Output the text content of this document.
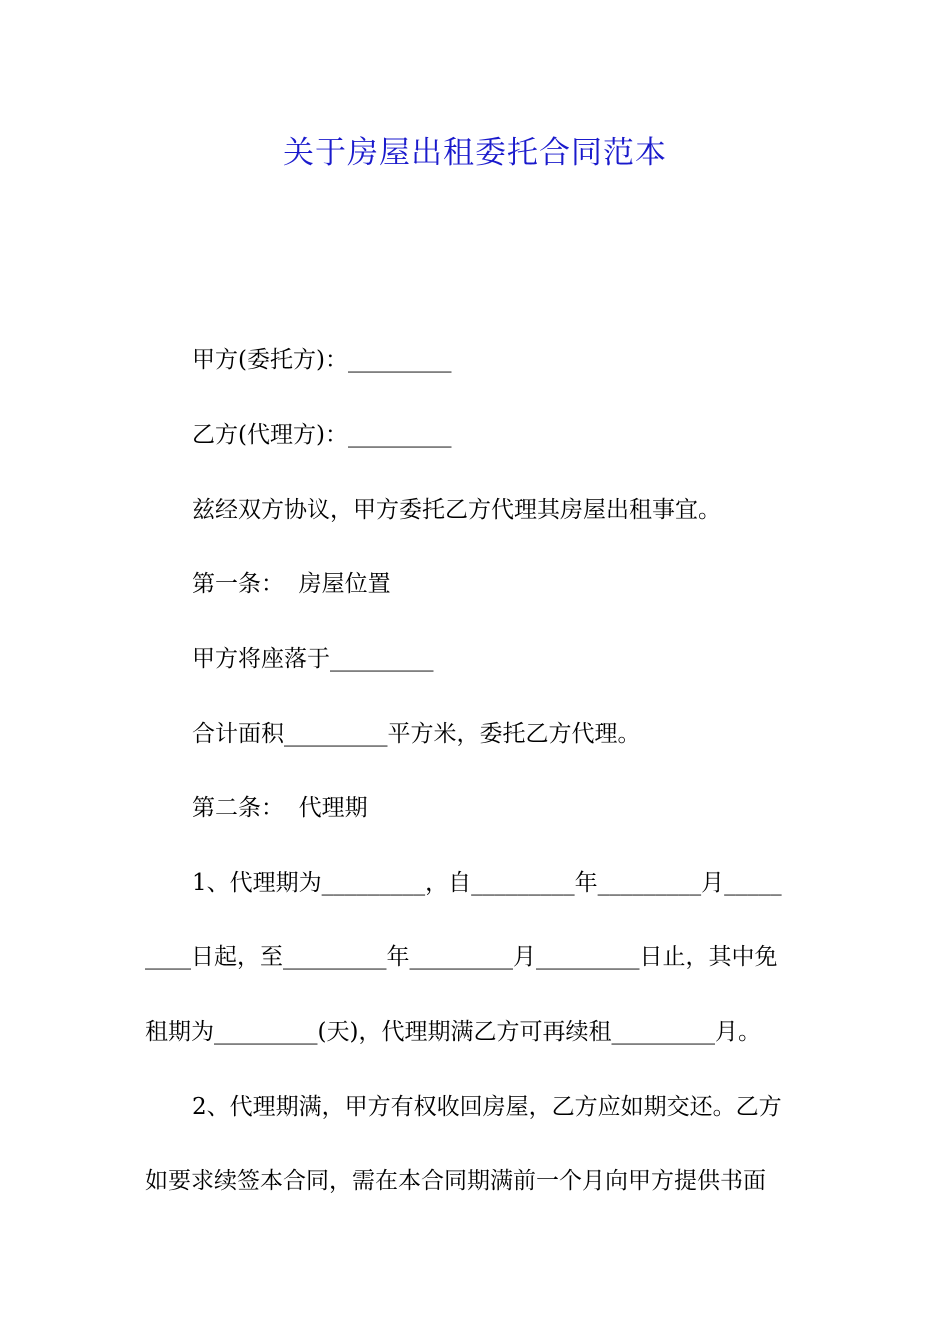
关于房屋出租委托合同范本

甲方(委托方)：_________

乙方(代理方)：_________

兹经双方协议，甲方委托乙方代理其房屋出租事宜。

第一条：  房屋位置

甲方将座落于_________

合计面积_________平方米，委托乙方代理。

第二条：  代理期

1、代理期为_________，自_________年_________月_____

____日起，至_________年_________月_________日止，其中免

租期为_________(天)，代理期满乙方可再续租_________月。

2、代理期满，甲方有权收回房屋，乙方应如期交还。乙方

如要求续签本合同，需在本合同期满前一个月向甲方提供书面
